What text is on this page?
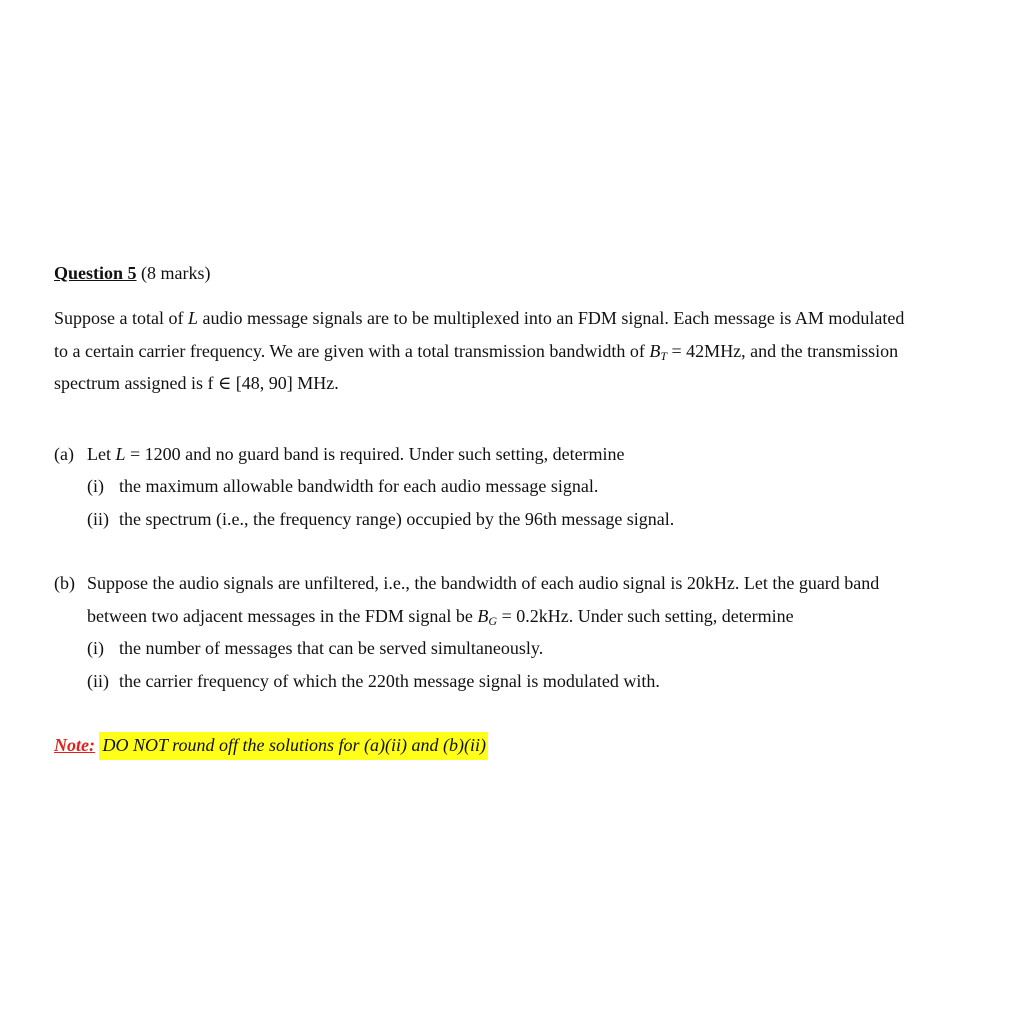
Question 5 (8 marks)

Suppose a total of L audio message signals are to be multiplexed into an FDM signal. Each message is AM modulated
to a certain carrier frequency. We are given with a total transmission bandwidth of $B_T = 42MHz$, and the transmission
spectrum assigned is f ∈ [48, 90] MHz.

(a) Let L = 1200 and no guard band is required. Under such setting, determine
(i) the maximum allowable bandwidth for each audio message signal.
(ii) the spectrum (i.e., the frequency range) occupied by the 96th message signal.
(b) Suppose the audio signals are unfiltered, i.e., the bandwidth of each audio signal is 20kHz. Let the guard band
between two adjacent messages in the FDM signal be $B_G = 0.2kHz$. Under such setting, determine
(i) the number of messages that can be served simultaneously.
(ii) the carrier frequency of which the 220th message signal is modulated with.
Note: DO NOT round off the solutions for (a)(ii) and (b)(ii)
